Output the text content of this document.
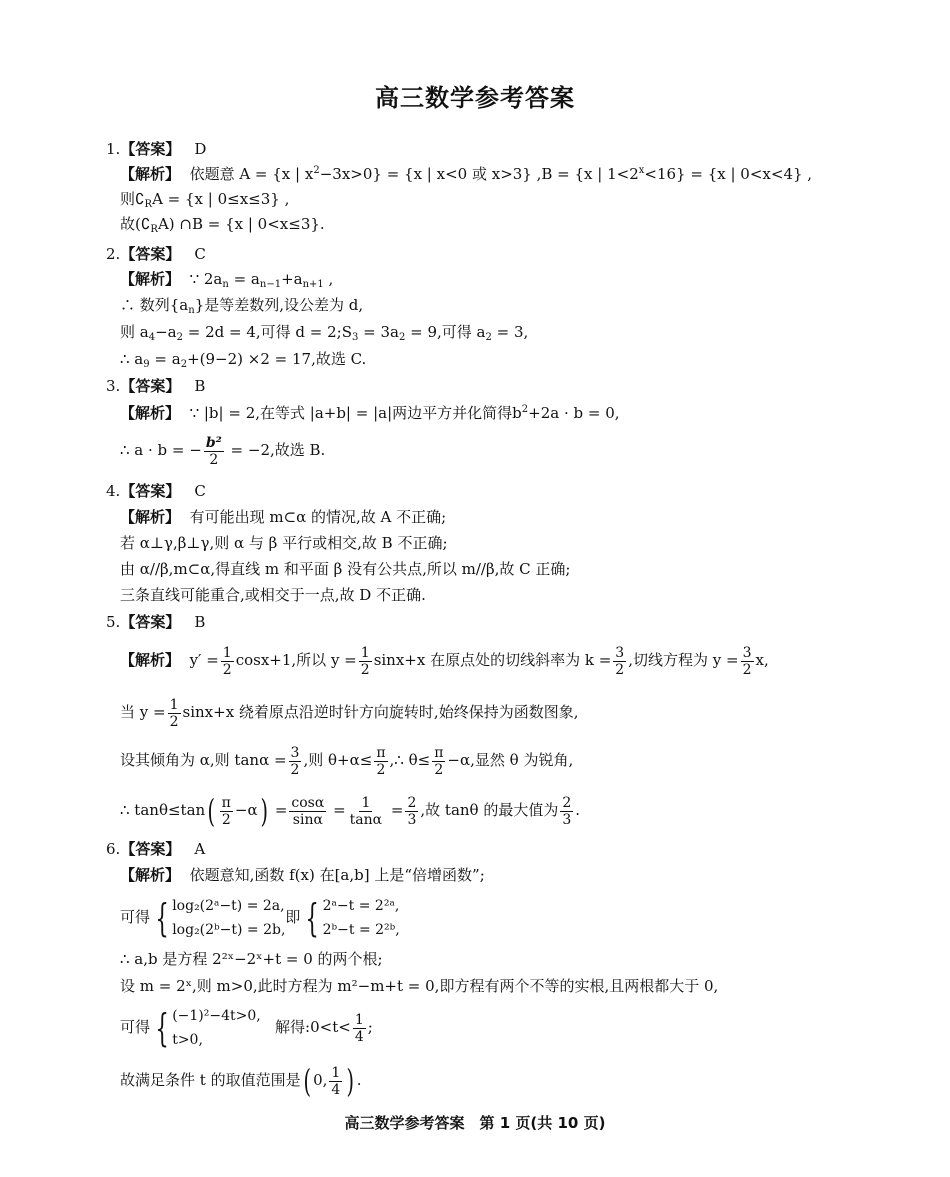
高三数学参考答案
1.【答案】 D
【解析】 依题意 A = {x | $x^2-3x>0\} = \{x$ | x<0 或 x>3} ,B = {x | $1<2^x<16\} = \{x$ | 0<x<4} ,
则$∁_RA = \{x$ | 0≤x≤3} ,
故$(∁_RA)$ ∩B = {x | 0<x≤3}.
2.【答案】 C
【解析】 ∵ $2a_n = a_{n-1}+a_{n+1}$ ,
∴ 数列$\{a_n\}$是等差数列,设公差为 d,
则 $a_4-a_2 = 2d = 4$,可得 $d = 2;S_3 = 3a_2 = 9$,可得 $a_2 = 3$,
∴ $a_9 = a_2+(9-2) \times 2 = 17$,故选 C.
3.【答案】 B
【解析】 ∵ |b| = 2,在等式 |a+b| = |a|两边平方并化简得$b^2+2a \cdot b = 0$,
∴ a · b = − $\frac{\text{b²}}{2} = -2$,故选 B.
4.【答案】 C
【解析】 有可能出现 m⊂α 的情况,故 A 不正确;
若 α⊥γ,β⊥γ,则 α 与 β 平行或相交,故 B 不正确;
由 α//β,m⊂α,得直线 m 和平面 β 没有公共点,所以 m//β,故 C 正确;
三条直线可能重合,或相交于一点,故 D 不正确.
5.【答案】 B
【解析】 $y' = \frac{1}{2} \cos x+1$,所以 $y = \frac{1}{2} \sin x+x$ 在原点处的切线斜率为 $k = \frac{3}{2}$ ,切线方程为 $y = \frac{3}{2} x$,
当 $y = \frac{1}{2} \sin x+x$ 绕着原点沿逆时针方向旋转时,始终保持为函数图象,
设其倾角为 α,则 $\tan\alpha = \frac{3}{2}$ ,则 $\theta+\alpha\le \frac{\pi}{2}$ ,∴ $\theta\le \frac{\pi}{2} -\alpha$,显然 θ 为锐角,
∴ $\tan\theta\le\tan( \frac{\pi}{2} -\alpha) = \frac{\cos\alpha}{\sin\alpha} = \frac{1}{\tan\alpha} = \frac{2}{3}$ ,故 tanθ 的最大值为 $\frac{2}{3}$ .
6.【答案】 A
【解析】 依题意知,函数 f(x) 在[a,b] 上是“倍增函数”;
可得 { log₂(2ᵃ−t) = 2a,
log₂(2ᵇ−t) = 2b,
即 { 2ᵃ−t = 2²ᵃ,
2ᵇ−t = 2²ᵇ,
∴ a,b 是方程 2²ˣ−2ˣ+t = 0 的两个根;
设 m = 2ˣ,则 m>0,此时方程为 m²−m+t = 0,即方程有两个不等的实根,且两根都大于 0,
可得 { (−1)²−4t>0,
t>0,
解得:0<t< $\frac{1}{4}$ ;
故满足条件 t 的取值范围是( 0, $\frac{1}{4}$ ) .
高三数学参考答案　第 1 页(共 10 页)
